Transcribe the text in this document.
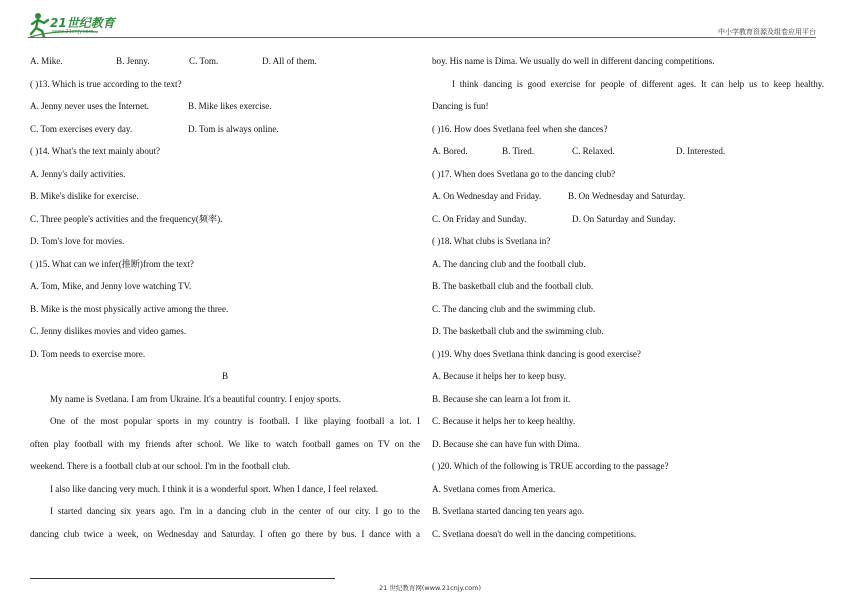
21世纪教育
www.21cnjy.com	中小学教育资源及组卷应用平台
A. Mike.	B. Jenny.	C. Tom.	D. All of them.
( )13. Which is true according to the text?
A. Jenny never uses the Internet.	B. Mike likes exercise.
C. Tom exercises every day.	D. Tom is always online.
( )14. What's the text mainly about?
A. Jenny's daily activities.
B. Mike's dislike for exercise.
C. Three people's activities and the frequency(频率).
D. Tom's love for movies.
( )15. What can we infer(推断)from the text?
A. Tom, Mike, and Jenny love watching TV.
B. Mike is the most physically active among the three.
C. Jenny dislikes movies and video games.
D. Tom needs to exercise more.
B
My name is Svetlana. I am from Ukraine. It's a beautiful country. I enjoy sports.
One of the most popular sports in my country is football. I like playing football a lot. I
often play football with my friends after school. We like to watch football games on TV on the
weekend. There is a football club at our school. I'm in the football club.
I also like dancing very much. I think it is a wonderful sport. When I dance, I feel relaxed.
I started dancing six years ago. I'm in a dancing club in the center of our city. I go to the
dancing club twice a week, on Wednesday and Saturday. I often go there by bus. I dance with a
boy. His name is Dima. We usually do well in different dancing competitions.
I think dancing is good exercise for people of different ages. It can help us to keep healthy.
Dancing is fun!
( )16. How does Svetlana feel when she dances?
A. Bored.	B. Tired.	C. Relaxed.	D. Interested.
( )17. When does Svetlana go to the dancing club?
A. On Wednesday and Friday.	B. On Wednesday and Saturday.
C. On Friday and Sunday.	D. On Saturday and Sunday.
( )18. What clubs is Svetlana in?
A. The dancing club and the football club.
B. The basketball club and the football club.
C. The dancing club and the swimming club.
D. The basketball club and the swimming club.
( )19. Why does Svetlana think dancing is good exercise?
A. Because it helps her to keep busy.
B. Because she can learn a lot from it.
C. Because it helps her to keep healthy.
D. Because she can have fun with Dima.
( )20. Which of the following is TRUE according to the passage?
A. Svetlana comes from America.
B. Svetlana started dancing ten years ago.
C. Svetlana doesn't do well in the dancing competitions.
21 世纪教育网(www.21cnjy.com)
